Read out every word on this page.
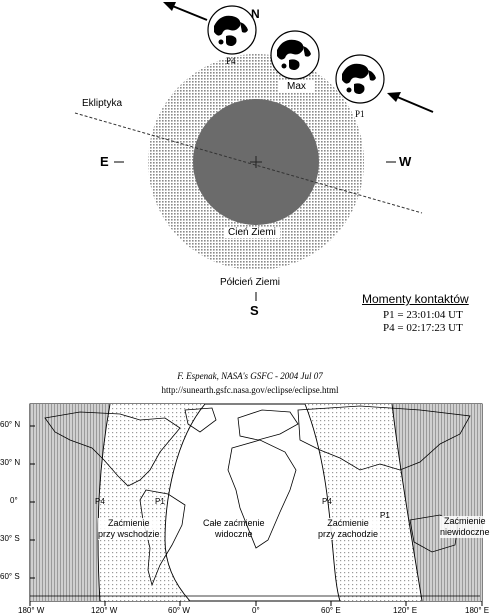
N
E	W
S
Ekliptyka
P4
Max
P1
Cień Ziemi
Półcień Ziemi
Momenty kontaktów
P1 = 23:01:04 UT
P4 = 02:17:23 UT
F. Espenak, NASA's GSFC - 2004 Jul 07
http://sunearth.gsfc.nasa.gov/eclipse/eclipse.html
60° N
30° N
0°
30° S
60° S
180° W	120° W	60° W	0°	60° E	120° E	180° E
P4	P1	P4
P1
Zaćmienie
przy wschodzie
Całe zaćmienie
widoczne
Zaćmienie
przy zachodzie
Zaćmienie
niewidoczne
